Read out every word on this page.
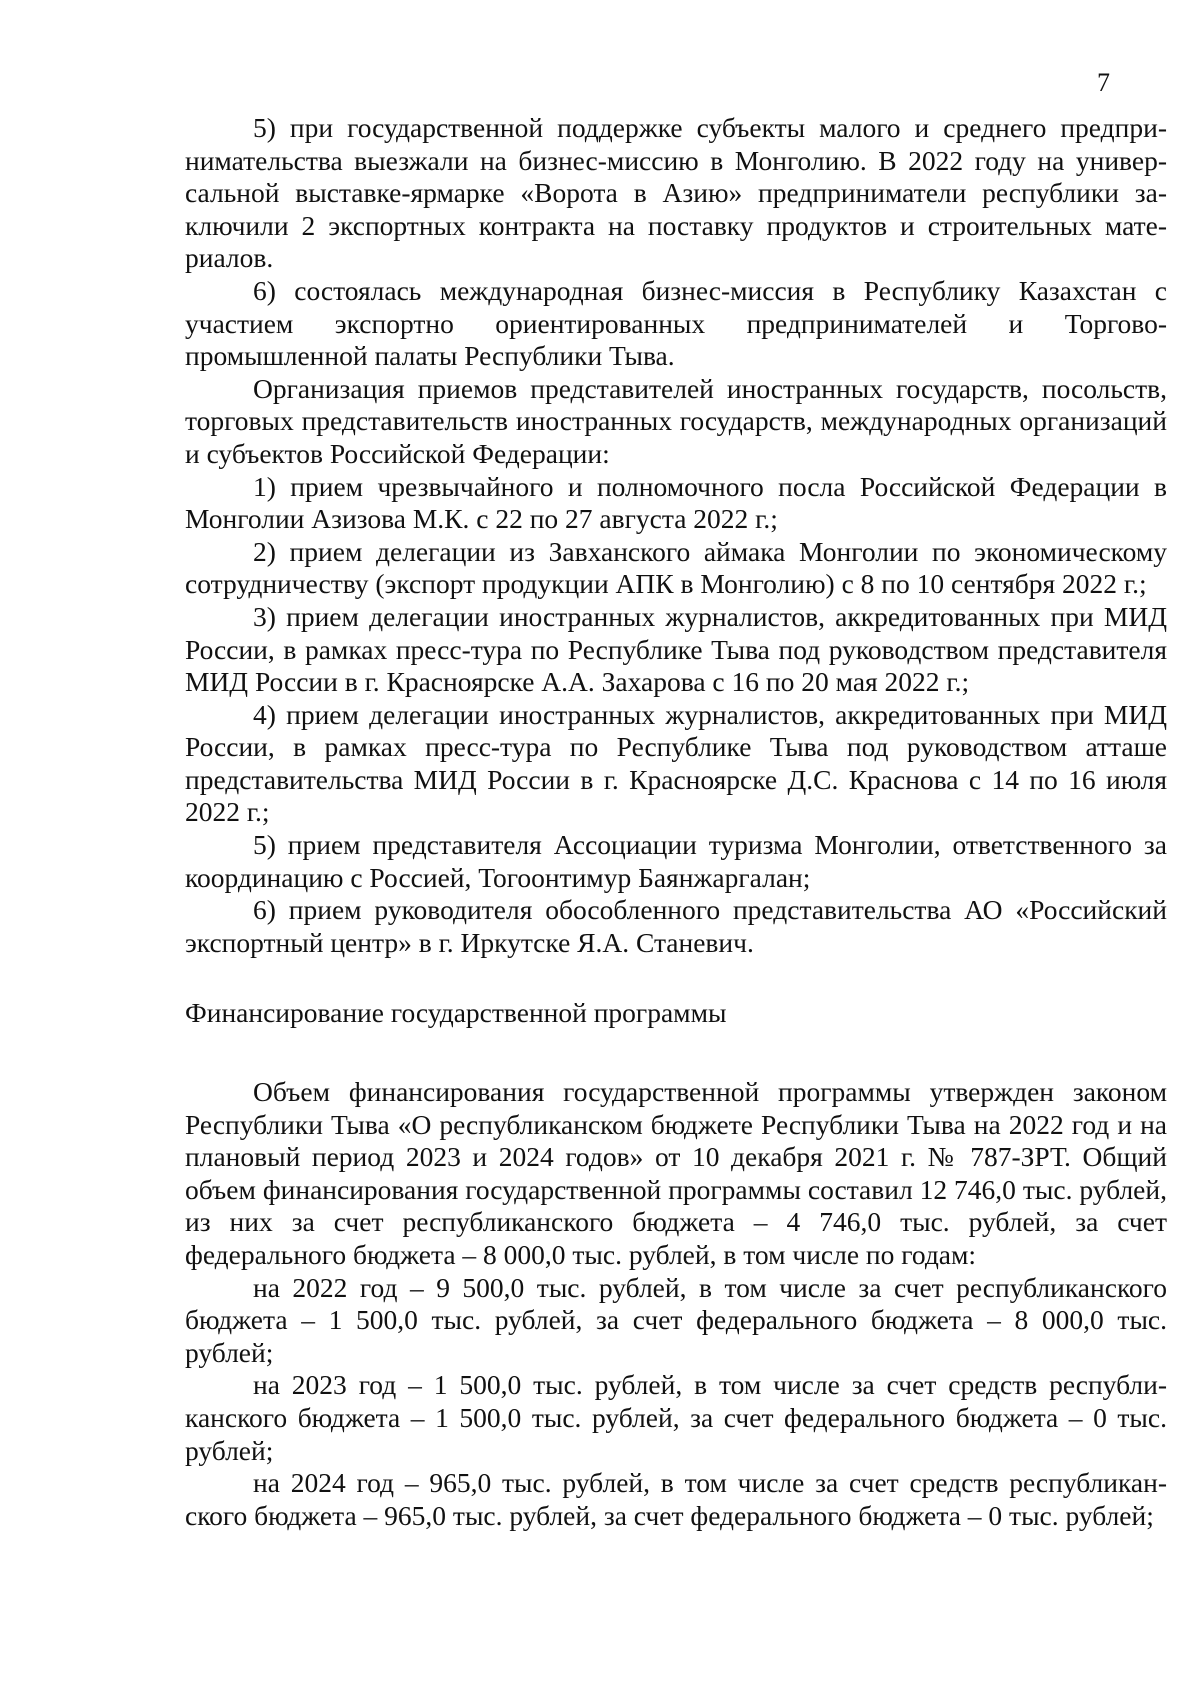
7

5) при государственной поддержке субъекты малого и среднего предпринимательства выезжали на бизнес-миссию в Монголию. В 2022 году на универсальной выставке-ярмарке «Ворота в Азию» предприниматели республики заключили 2 экспортных контракта на поставку продуктов и строительных материалов.

6) состоялась международная бизнес-миссия в Республику Казахстан с участием экспортно ориентированных предпринимателей и Торгово-промышленной палаты Республики Тыва.

Организация приемов представителей иностранных государств, посольств, торговых представительств иностранных государств, международных организаций и субъектов Российской Федерации:

1) прием чрезвычайного и полномочного посла Российской Федерации в Монголии Азизова М.К. с 22 по 27 августа 2022 г.;

2) прием делегации из Завханского аймака Монголии по экономическому сотрудничеству (экспорт продукции АПК в Монголию) с 8 по 10 сентября 2022 г.;

3) прием делегации иностранных журналистов, аккредитованных при МИД России, в рамках пресс-тура по Республике Тыва под руководством представителя МИД России в г. Красноярске А.А. Захарова с 16 по 20 мая 2022 г.;

4) прием делегации иностранных журналистов, аккредитованных при МИД России, в рамках пресс-тура по Республике Тыва под руководством атташе представительства МИД России в г. Красноярске Д.С. Краснова с 14 по 16 июля 2022 г.;

5) прием представителя Ассоциации туризма Монголии, ответственного за координацию с Россией, Тогоонтимур Баянжаргалан;

6) прием руководителя обособленного представительства АО «Российский экспортный центр» в г. Иркутске Я.А. Станевич.

Финансирование государственной программы

Объем финансирования государственной программы утвержден законом Республики Тыва «О республиканском бюджете Республики Тыва на 2022 год и на плановый период 2023 и 2024 годов» от 10 декабря 2021 г. № 787-ЗРТ. Общий объем финансирования государственной программы составил 12 746,0 тыс. рублей, из них за счет республиканского бюджета – 4 746,0 тыс. рублей, за счет федерального бюджета – 8 000,0 тыс. рублей, в том числе по годам:

на 2022 год – 9 500,0 тыс. рублей, в том числе за счет республиканского бюджета – 1 500,0 тыс. рублей, за счет федерального бюджета – 8 000,0 тыс. рублей;

на 2023 год – 1 500,0 тыс. рублей, в том числе за счет средств республиканского бюджета – 1 500,0 тыс. рублей, за счет федерального бюджета – 0 тыс. рублей;

на 2024 год – 965,0 тыс. рублей, в том числе за счет средств республиканского бюджета – 965,0 тыс. рублей, за счет федерального бюджета – 0 тыс. рублей;
